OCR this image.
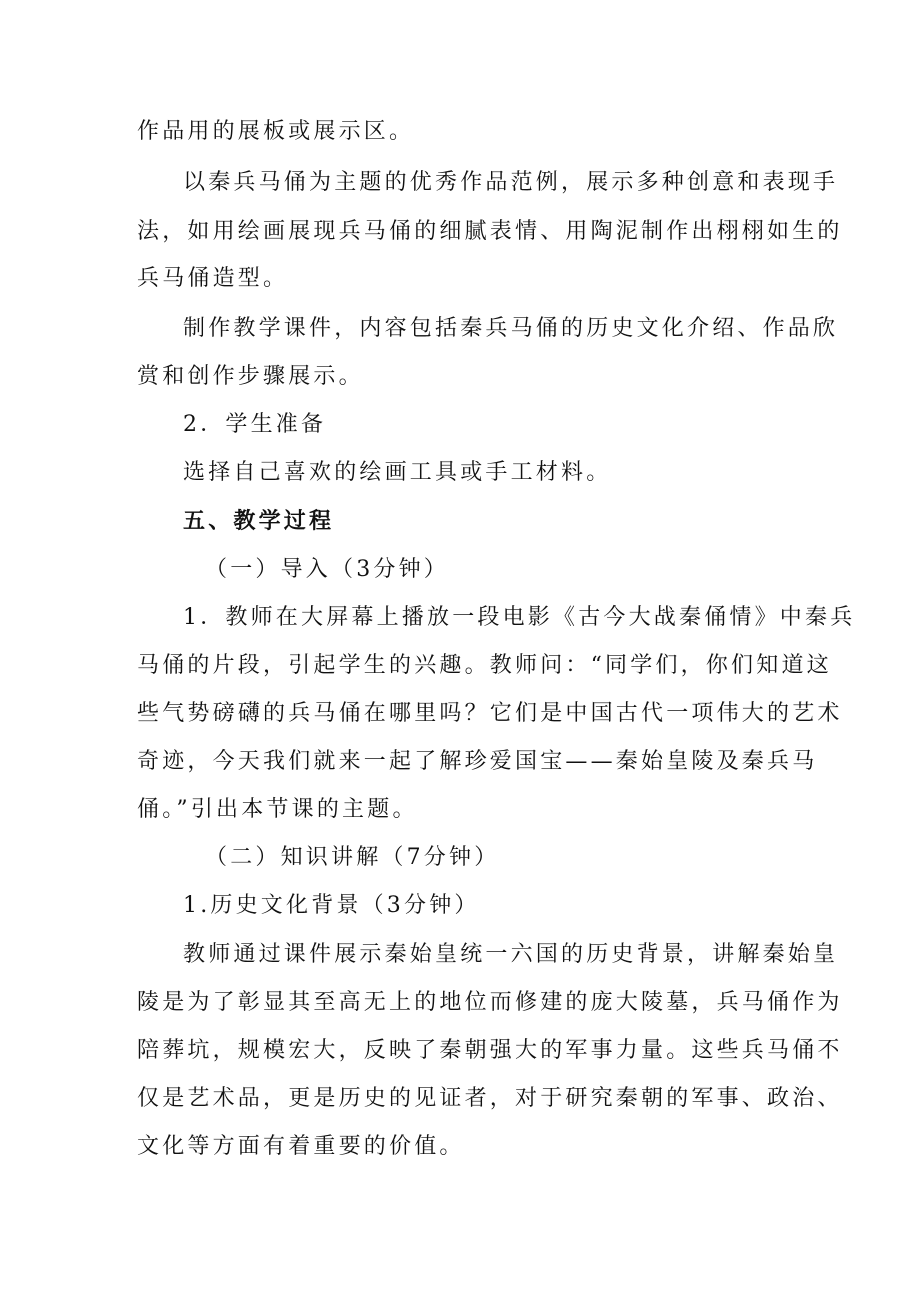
作品用的展板或展示区。
以秦兵马俑为主题的优秀作品范例，展示多种创意和表现手
法，如用绘画展现兵马俑的细腻表情、用陶泥制作出栩栩如生的
兵马俑造型。
制作教学课件，内容包括秦兵马俑的历史文化介绍、作品欣
赏和创作步骤展示。
2．学生准备
选择自己喜欢的绘画工具或手工材料。
五、教学过程
（一）导入（3分钟）
1．教师在大屏幕上播放一段电影《古今大战秦俑情》中秦兵
马俑的片段，引起学生的兴趣。教师问：“同学们，你们知道这
些气势磅礴的兵马俑在哪里吗？它们是中国古代一项伟大的艺术
奇迹，今天我们就来一起了解珍爱国宝——秦始皇陵及秦兵马
俑。”引出本节课的主题。
（二）知识讲解（7分钟）
1.历史文化背景（3分钟）
教师通过课件展示秦始皇统一六国的历史背景，讲解秦始皇
陵是为了彰显其至高无上的地位而修建的庞大陵墓，兵马俑作为
陪葬坑，规模宏大，反映了秦朝强大的军事力量。这些兵马俑不
仅是艺术品，更是历史的见证者，对于研究秦朝的军事、政治、
文化等方面有着重要的价值。
